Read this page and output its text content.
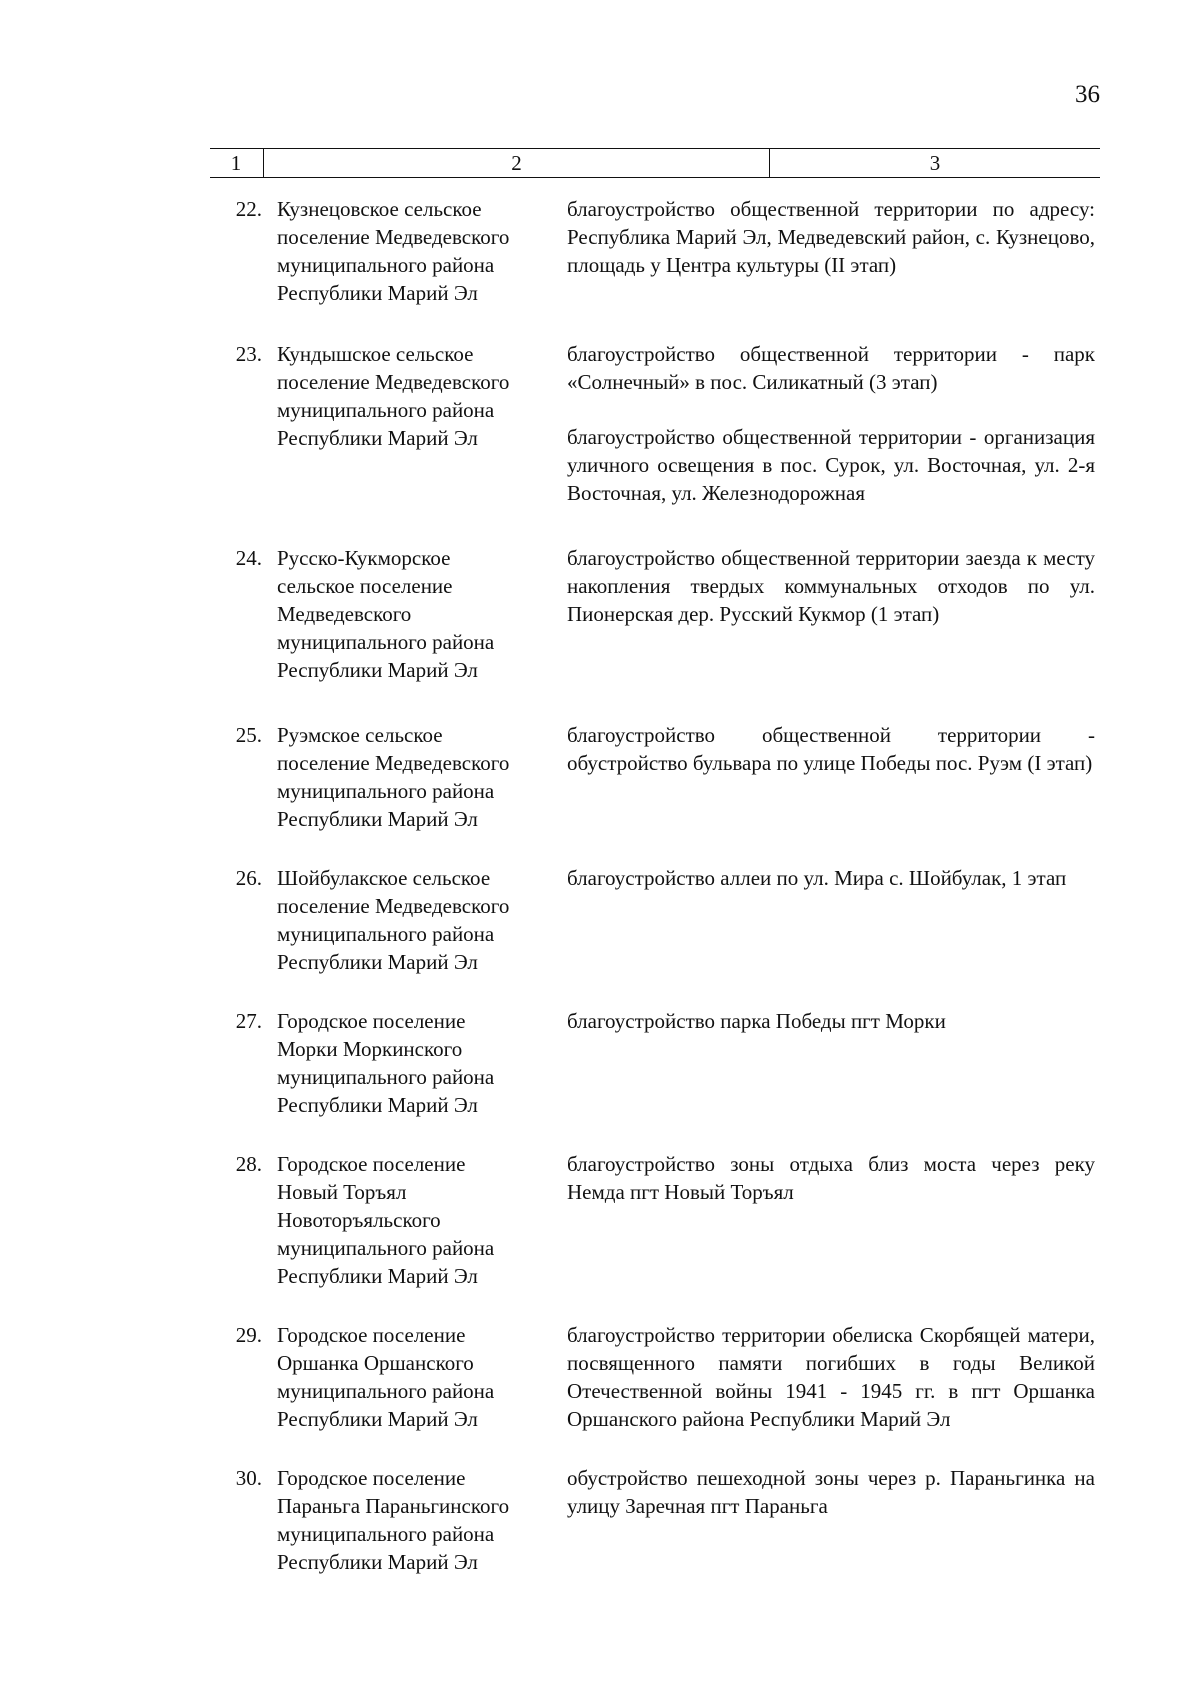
36
1	2	3
22. Кузнецовское сельское
поселение Медведевского
муниципального района
Республики Марий Эл

благоустройство общественной территории по адресу: Республика Марий Эл, Медведевский район, с. Кузнецово, площадь у Центра культуры (II этап)

23. Кундышское сельское
поселение Медведевского
муниципального района
Республики Марий Эл

благоустройство общественной территории - парк «Солнечный» в пос. Силикатный (3 этап)

благоустройство общественной территории - организация уличного освещения в пос. Сурок, ул. Восточная, ул. 2-я Восточная, ул. Железнодорожная

24. Русско-Кукморское
сельское поселение
Медведевского
муниципального района
Республики Марий Эл

благоустройство общественной территории заезда к месту накопления твердых коммунальных отходов по ул. Пионерская дер. Русский Кукмор (1 этап)

25. Руэмское сельское
поселение Медведевского
муниципального района
Республики Марий Эл

благоустройство общественной территории - обустройство бульвара по улице Победы пос. Руэм (I этап)

26. Шойбулакское сельское
поселение Медведевского
муниципального района
Республики Марий Эл

благоустройство аллеи по ул. Мира с. Шойбулак, 1 этап

27. Городское поселение
Морки Моркинского
муниципального района
Республики Марий Эл

благоустройство парка Победы пгт Морки

28. Городское поселение
Новый Торъял
Новоторъяльского
муниципального района
Республики Марий Эл

благоустройство зоны отдыха близ моста через реку Немда пгт Новый Торъял

29. Городское поселение
Оршанка Оршанского
муниципального района
Республики Марий Эл

благоустройство территории обелиска Скорбящей матери, посвященного памяти погибших в годы Великой Отечественной войны 1941 - 1945 гг. в пгт Оршанка Оршанского района Республики Марий Эл

30. Городское поселение
Параньга Параньгинского
муниципального района
Республики Марий Эл

обустройство пешеходной зоны через р. Параньгинка на улицу Заречная пгт Параньга
